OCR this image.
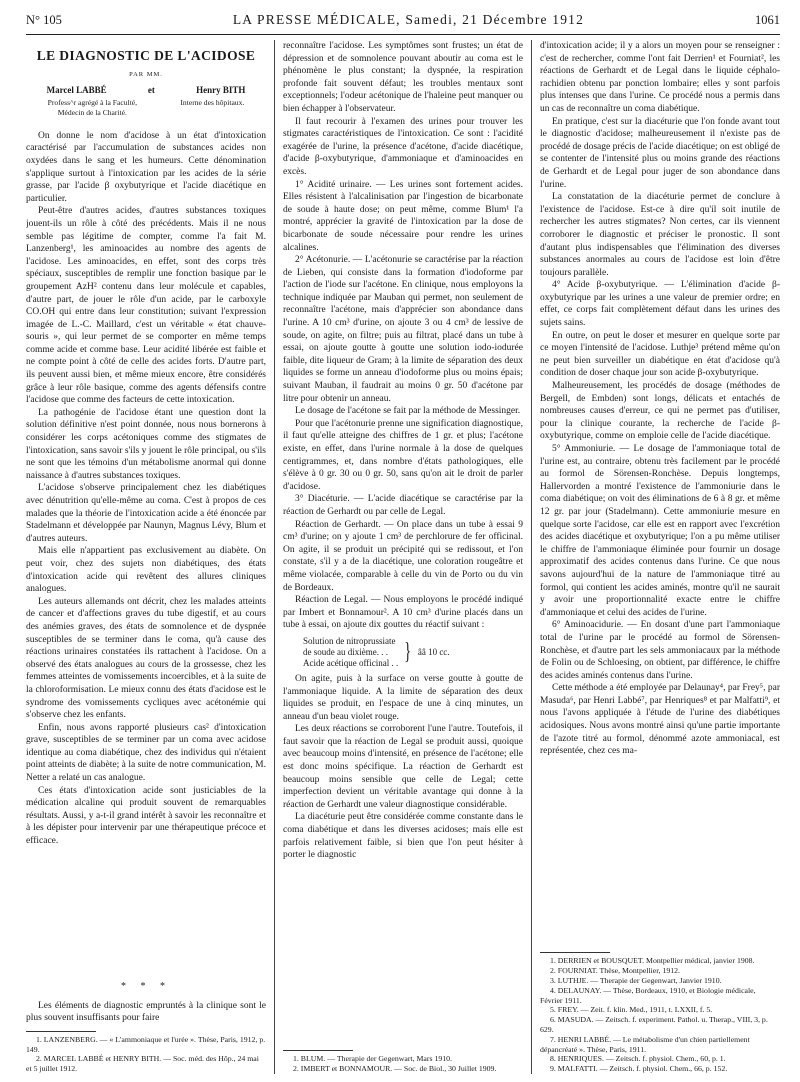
N° 105	LA PRESSE MÉDICALE, Samedi, 21 Décembre 1912	1061
LE DIAGNOSTIC DE L'ACIDOSE
PAR MM.
Marcel LABBÉ	et	Henry BITH
Profess^r agrégé à la Faculté,
Médecin de la Charité.
Interne des hôpitaux.

On donne le nom d'acidose à un état d'intoxication caractérisé par l'accumulation de substances acides non oxydées dans le sang et les humeurs. Cette dénomination s'applique surtout à l'intoxication par les acides de la série grasse, par l'acide β oxybutyrique et l'acide diacétique en particulier.

Peut-être d'autres acides, d'autres substances toxiques jouent-ils un rôle à côté des précédents. Mais il ne nous semble pas légitime de compter, comme l'a fait M. Lanzenberg¹, les aminoacides au nombre des agents de l'acidose. Les aminoacides, en effet, sont des corps très spéciaux, susceptibles de remplir une fonction basique par le groupement AzH² contenu dans leur molécule et capables, d'autre part, de jouer le rôle d'un acide, par le carboxyle CO.OH qui entre dans leur constitution; suivant l'expression imagée de L.-C. Maillard, c'est un véritable « état chauve-souris », qui leur permet de se comporter en même temps comme acide et comme base. Leur acidité libérée est faible et ne compte point à côté de celle des acides forts. D'autre part, ils peuvent aussi bien, et même mieux encore, être considérés grâce à leur rôle basique, comme des agents défensifs contre l'acidose que comme des facteurs de cette intoxication.

La pathogénie de l'acidose étant une question dont la solution définitive n'est point donnée, nous nous bornerons à considérer les corps acétoniques comme des stigmates de l'intoxication, sans savoir s'ils y jouent le rôle principal, ou s'ils ne sont que les témoins d'un métabolisme anormal qui donne naissance à d'autres substances toxiques.

L'acidose s'observe principalement chez les diabétiques avec dénutrition qu'elle-même au coma. C'est à propos de ces malades que la théorie de l'intoxication acide a été énoncée par Stadelmann et développée par Naunyn, Magnus Lévy, Blum et d'autres auteurs.

Mais elle n'appartient pas exclusivement au diabète. On peut voir, chez des sujets non diabétiques, des états d'intoxication acide qui revêtent des allures cliniques analogues.

Les auteurs allemands ont décrit, chez les malades atteints de cancer et d'affections graves du tube digestif, et au cours des anémies graves, des états de somnolence et de dyspnée susceptibles de se terminer dans le coma, qu'à cause des réactions urinaires constatées ils rattachent à l'acidose. On a observé des états analogues au cours de la grossesse, chez les femmes atteintes de vomissements incoercibles, et à la suite de la chloroformisation. Le mieux connu des états d'acidose est le syndrome des vomissements cycliques avec acétonémie qui s'observe chez les enfants.

Enfin, nous avons rapporté plusieurs cas² d'intoxication grave, susceptibles de se terminer par un coma avec acidose identique au coma diabétique, chez des individus qui n'étaient point atteints de diabète; à la suite de notre communication, M. Netter a relaté un cas analogue.

Ces états d'intoxication acide sont justiciables de la médication alcaline qui produit souvent de remarquables résultats. Aussi, y a-t-il grand intérêt à savoir les reconnaître et à les dépister pour intervenir par une thérapeutique précoce et efficace.

* * *

Les éléments de diagnostic empruntés à la clinique sont le plus souvent insuffisants pour faire

1. LANZENBERG. — « L'ammoniaque et l'urée ». Thèse, Paris, 1912, p. 149.
2. MARCEL LABBÉ et HENRY BITH. — Soc. méd. des Hôp., 24 mai et 5 juillet 1912.

reconnaître l'acidose. Les symptômes sont frustes; un état de dépression et de somnolence pouvant aboutir au coma est le phénomène le plus constant; la dyspnée, la respiration profonde fait souvent défaut; les troubles mentaux sont exceptionnels; l'odeur acétonique de l'haleine peut manquer ou bien échapper à l'observateur.

Il faut recourir à l'examen des urines pour trouver les stigmates caractéristiques de l'intoxication. Ce sont : l'acidité exagérée de l'urine, la présence d'acétone, d'acide diacétique, d'acide β-oxybutyrique, d'ammoniaque et d'aminoacides en excès.

1° Acidité urinaire. — Les urines sont fortement acides. Elles résistent à l'alcalinisation par l'ingestion de bicarbonate de soude à haute dose; on peut même, comme Blum¹ l'a montré, apprécier la gravité de l'intoxication par la dose de bicarbonate de soude nécessaire pour rendre les urines alcalines.

2° Acétonurie. — L'acétonurie se caractérise par la réaction de Lieben, qui consiste dans la formation d'iodoforme par l'action de l'iode sur l'acétone. En clinique, nous employons la technique indiquée par Mauban qui permet, non seulement de reconnaître l'acétone, mais d'apprécier son abondance dans l'urine. A 10 cm³ d'urine, on ajoute 3 ou 4 cm³ de lessive de soude, on agite, on filtre; puis au filtrat, placé dans un tube à essai, on ajoute goutte à goutte une solution iodo-iodurée faible, dite liqueur de Gram; à la limite de séparation des deux liquides se forme un anneau d'iodoforme plus ou moins épais; suivant Mauban, il faudrait au moins 0 gr. 50 d'acétone par litre pour obtenir un anneau.

Le dosage de l'acétone se fait par la méthode de Messinger.

Pour que l'acétonurie prenne une signification diagnostique, il faut qu'elle atteigne des chiffres de 1 gr. et plus; l'acétone existe, en effet, dans l'urine normale à la dose de quelques centigrammes, et, dans nombre d'états pathologiques, elle s'élève à 0 gr. 30 ou 0 gr. 50, sans qu'on ait le droit de parler d'acidose.

3° Diacéturie. — L'acide diacétique se caractérise par la réaction de Gerhardt ou par celle de Legal.

Réaction de Gerhardt. — On place dans un tube à essai 9 cm³ d'urine; on y ajoute 1 cm³ de perchlorure de fer officinal. On agite, il se produit un précipité qui se redissout, et l'on constate, s'il y a de la diacétique, une coloration rougeâtre et même violacée, comparable à celle du vin de Porto ou du vin de Bordeaux.

Réaction de Legal. — Nous employons le procédé indiqué par Imbert et Bonnamour². A 10 cm³ d'urine placés dans un tube à essai, on ajoute dix gouttes du réactif suivant :

Solution de nitroprussiate
de soude au dixième. . .
Acide acétique officinal . . } ââ 10 cc.

On agite, puis à la surface on verse goutte à goutte de l'ammoniaque liquide. A la limite de séparation des deux liquides se produit, en l'espace de une à cinq minutes, un anneau d'un beau violet rouge.

Les deux réactions se corroborent l'une l'autre. Toutefois, il faut savoir que la réaction de Legal se produit aussi, quoique avec beaucoup moins d'intensité, en présence de l'acétone; elle est donc moins spécifique. La réaction de Gerhardt est beaucoup moins sensible que celle de Legal; cette imperfection devient un véritable avantage qui donne à la réaction de Gerhardt une valeur diagnostique considérable.

La diacéturie peut être considérée comme constante dans le coma diabétique et dans les diverses acidoses; mais elle est parfois relativement faible, si bien que l'on peut hésiter à porter le diagnostic

1. BLUM. — Therapie der Gegenwart, Mars 1910.
2. IMBERT et BONNAMOUR. — Soc. de Biol., 30 Juillet 1909.

d'intoxication acide; il y a alors un moyen pour se renseigner : c'est de rechercher, comme l'ont fait Derrien¹ et Fourniat², les réactions de Gerhardt et de Legal dans le liquide céphalo-rachidien obtenu par ponction lombaire; elles y sont parfois plus intenses que dans l'urine. Ce procédé nous a permis dans un cas de reconnaître un coma diabétique.

En pratique, c'est sur la diacéturie que l'on fonde avant tout le diagnostic d'acidose; malheureusement il n'existe pas de procédé de dosage précis de l'acide diacétique; on est obligé de se contenter de l'intensité plus ou moins grande des réactions de Gerhardt et de Legal pour juger de son abondance dans l'urine.

La constatation de la diacéturie permet de conclure à l'existence de l'acidose. Est-ce à dire qu'il soit inutile de rechercher les autres stigmates? Non certes, car ils viennent corroborer le diagnostic et préciser le pronostic. Il sont d'autant plus indispensables que l'élimination des diverses substances anormales au cours de l'acidose est loin d'être toujours parallèle.

4° Acide β-oxybutyrique. — L'élimination d'acide β-oxybutyrique par les urines a une valeur de premier ordre; en effet, ce corps fait complètement défaut dans les urines des sujets sains.

En outre, on peut le doser et mesurer en quelque sorte par ce moyen l'intensité de l'acidose. Luthje³ prétend même qu'on ne peut bien surveiller un diabétique en état d'acidose qu'à condition de doser chaque jour son acide β-oxybutyrique.

Malheureusement, les procédés de dosage (méthodes de Bergell, de Embden) sont longs, délicats et entachés de nombreuses causes d'erreur, ce qui ne permet pas d'utiliser, pour la clinique courante, la recherche de l'acide β-oxybutyrique, comme on emploie celle de l'acide diacétique.

5° Ammoniurie. — Le dosage de l'ammoniaque total de l'urine est, au contraire, obtenu très facilement par le procédé au formol de Sörensen-Ronchèse. Depuis longtemps, Hallervorden a montré l'existence de l'ammoniurie dans le coma diabétique; on voit des éliminations de 6 à 8 gr. et même 12 gr. par jour (Stadelmann). Cette ammoniurie mesure en quelque sorte l'acidose, car elle est en rapport avec l'excrétion des acides diacétique et oxybutyrique; l'on a pu même utiliser le chiffre de l'ammoniaque éliminée pour fournir un dosage approximatif des acides contenus dans l'urine. Ce que nous savons aujourd'hui de la nature de l'ammoniaque titré au formol, qui contient les acides aminés, montre qu'il ne saurait y avoir une proportionnalité exacte entre le chiffre d'ammoniaque et celui des acides de l'urine.

6° Aminoacidurie. — En dosant d'une part l'ammoniaque total de l'urine par le procédé au formol de Sörensen-Ronchèse, et d'autre part les sels ammoniacaux par la méthode de Folin ou de Schloesing, on obtient, par différence, le chiffre des acides aminés contenus dans l'urine.

Cette méthode a été employée par Delaunay⁴, par Frey⁵, par Masuda⁶, par Henri Labbé⁷, par Henriques⁸ et par Malfatti⁹, et nous l'avons appliquée à l'étude de l'urine des diabétiques acidosiques. Nous avons montré ainsi qu'une partie importante de l'azote titré au formol, dénommé azote ammoniacal, est représentée, chez ces ma-

1. DERRIEN et BOUSQUET. Montpellier médical, janvier 1908.
2. FOURNIAT. Thèse, Montpellier, 1912.
3. LUTHJE. — Therapie der Gegenwart, Janvier 1910.
4. DELAUNAY. — Thèse, Bordeaux, 1910, et Biologie médicale, Février 1911.
5. FREY. — Zeit. f. klin. Med., 1911, t. LXXII, f. 5.
6. MASUDA. — Zeitsch. f. experiment. Pathol. u. Therap., VIII, 3, p. 629.
7. HENRI LABBÉ. — Le métabolisme d'un chien partiellement dépancréaté ». Thèse, Paris, 1911.
8. HENRIQUES. — Zeitsch. f. physiol. Chem., 60, p. 1.
9. MALFATTI. — Zeitsch. f. physiol. Chem., 66, p. 152.
